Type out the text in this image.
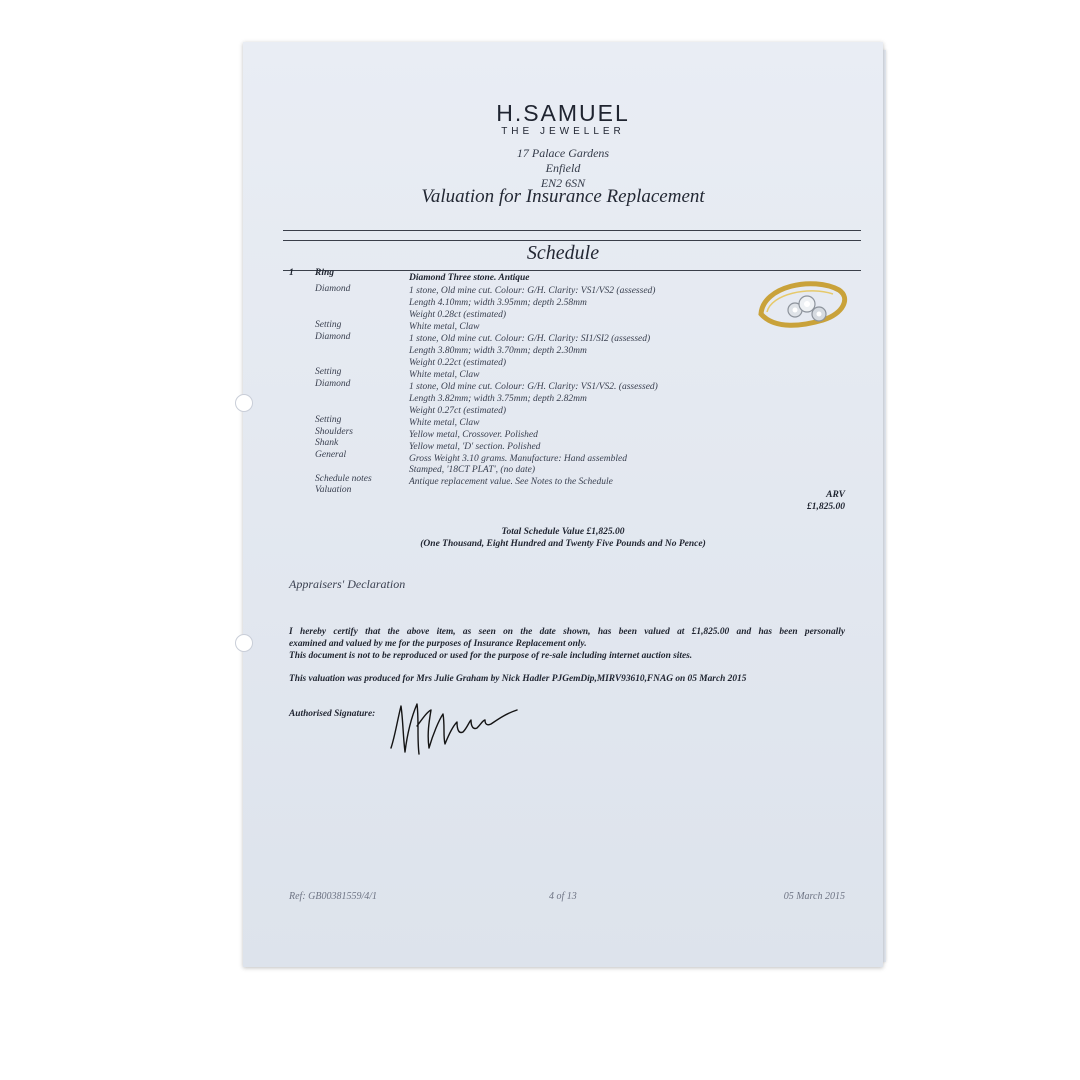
H.SAMUEL
THE JEWELLER
17 Palace Gardens
Enfield
EN2 6SN
Valuation for Insurance Replacement
Schedule
1 Ring	Diamond Three stone. Antique
Diamond	1 stone, Old mine cut. Colour: G/H. Clarity: VS1/VS2 (assessed)
Length 4.10mm; width 3.95mm; depth 2.58mm
Weight 0.28ct (estimated)
Setting	White metal, Claw
Diamond	1 stone, Old mine cut. Colour: G/H. Clarity: SI1/SI2 (assessed)
Length 3.80mm; width 3.70mm; depth 2.30mm
Weight 0.22ct (estimated)
Setting	White metal, Claw
Diamond	1 stone, Old mine cut. Colour: G/H. Clarity: VS1/VS2. (assessed)
Length 3.82mm; width 3.75mm; depth 2.82mm
Weight 0.27ct (estimated)
Setting	White metal, Claw
Shoulders	Yellow metal, Crossover. Polished
Shank	Yellow metal, 'D' section. Polished
General	Gross Weight 3.10 grams. Manufacture: Hand assembled
Stamped, '18CT PLAT', (no date)
Schedule notes	Antique replacement value. See Notes to the Schedule
Valuation	ARV
£1,825.00
Total Schedule Value £1,825.00
(One Thousand, Eight Hundred and Twenty Five Pounds and No Pence)
Appraisers' Declaration
I hereby certify that the above item, as seen on the date shown, has been valued at £1,825.00 and has been personally
examined and valued by me for the purposes of Insurance Replacement only.
This document is not to be reproduced or used for the purpose of re-sale including internet auction sites.
This valuation was produced for Mrs Julie Graham by Nick Hadler PJGemDip,MIRV93610,FNAG on 05 March 2015
Authorised Signature:
Ref: GB00381559/4/1	4 of 13	05 March 2015
